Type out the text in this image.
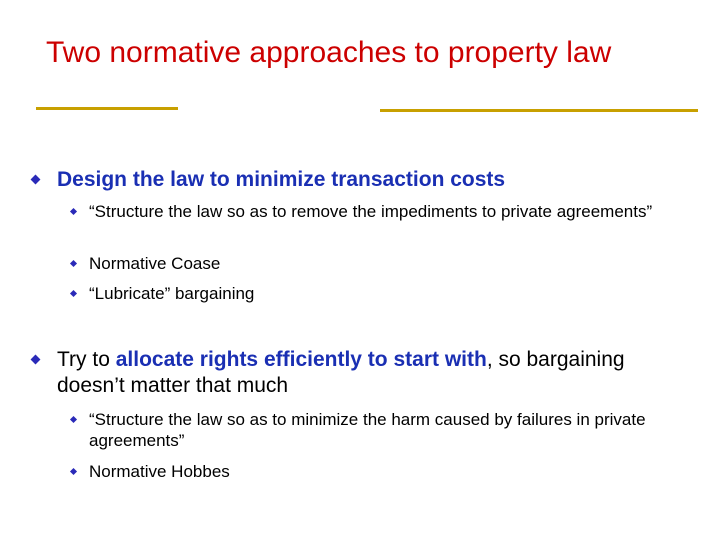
Two normative approaches to property law
Design the law to minimize transaction costs
“Structure the law so as to remove the impediments to private agreements”
Normative Coase
“Lubricate” bargaining
Try to allocate rights efficiently to start with, so bargaining doesn’t matter that much
“Structure the law so as to minimize the harm caused by failures in private agreements”
Normative Hobbes
